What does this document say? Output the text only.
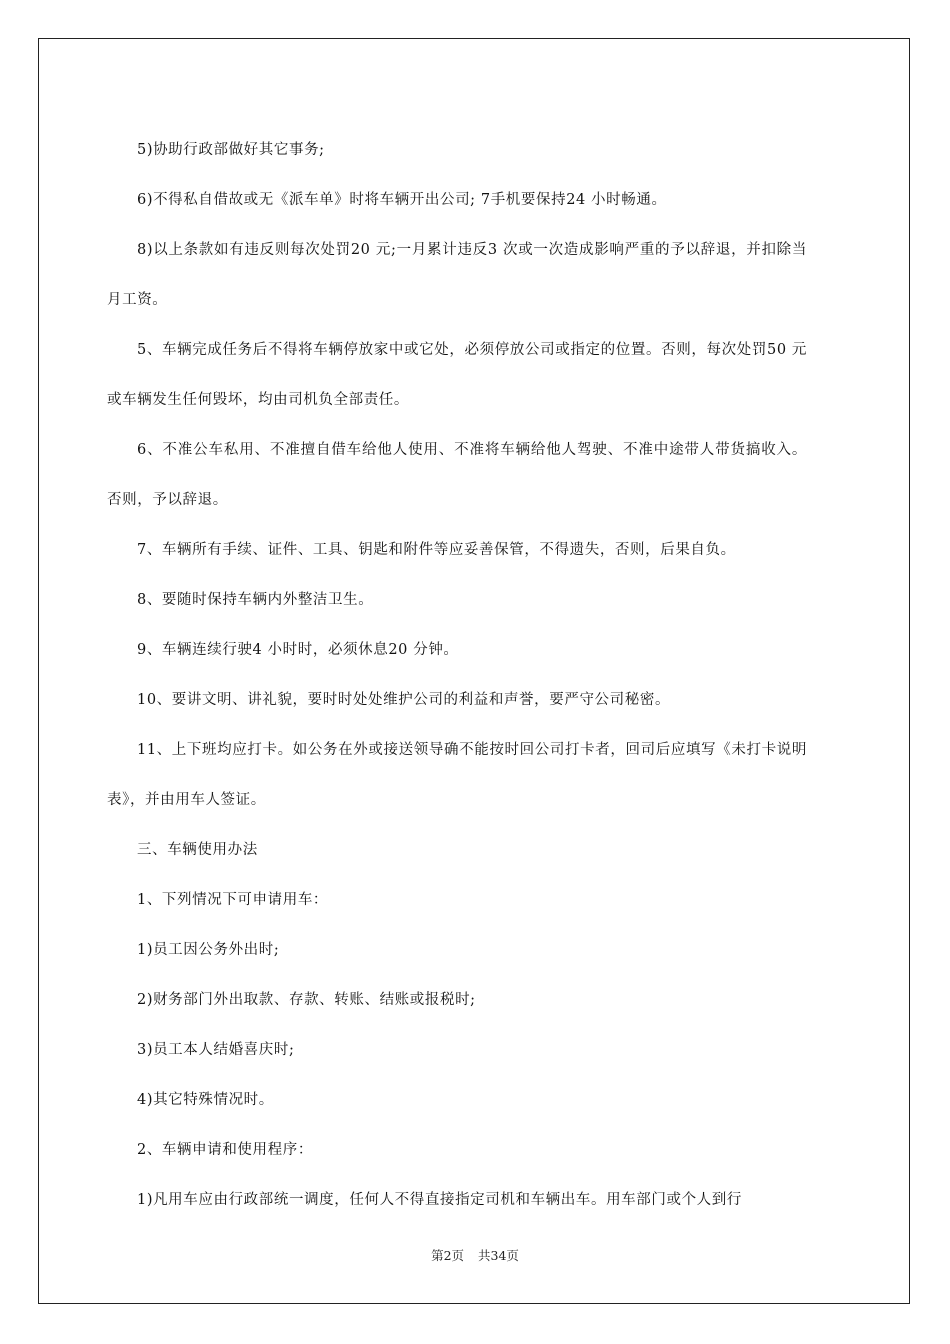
5)协助行政部做好其它事务;

6)不得私自借故或无《派车单》时将车辆开出公司; 7手机要保持24 小时畅通。

8)以上条款如有违反则每次处罚20 元;一月累计违反3 次或一次造成影响严重的予以辞退，并扣除当月工资。

5、车辆完成任务后不得将车辆停放家中或它处，必须停放公司或指定的位置。否则，每次处罚50 元或车辆发生任何毁坏，均由司机负全部责任。

6、不准公车私用、不准擅自借车给他人使用、不准将车辆给他人驾驶、不准中途带人带货搞收入。否则，予以辞退。

7、车辆所有手续、证件、工具、钥匙和附件等应妥善保管，不得遗失，否则，后果自负。

8、要随时保持车辆内外整洁卫生。

9、车辆连续行驶4 小时时，必须休息20 分钟。

10、要讲文明、讲礼貌，要时时处处维护公司的利益和声誉，要严守公司秘密。

11、上下班均应打卡。如公务在外或接送领导确不能按时回公司打卡者，回司后应填写《未打卡说明表》，并由用车人签证。

三、车辆使用办法

1、下列情况下可申请用车：

1)员工因公务外出时;

2)财务部门外出取款、存款、转账、结账或报税时;

3)员工本人结婚喜庆时;

4)其它特殊情况时。

2、车辆申请和使用程序：

1)凡用车应由行政部统一调度，任何人不得直接指定司机和车辆出车。用车部门或个人到行

第2页 共34页
